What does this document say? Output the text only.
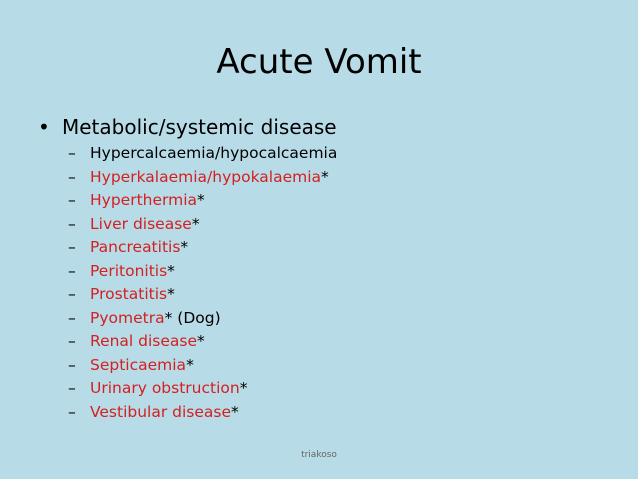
Acute Vomit
• Metabolic/systemic disease
– Hypercalcaemia/hypocalcaemia
– Hyperkalaemia/hypokalaemia *
– Hyperthermia *
– Liver disease *
– Pancreatitis *
– Peritonitis *
– Prostatitis *
– Pyometra * (Dog)
– Renal disease *
– Septicaemia *
– Urinary obstruction *
– Vestibular disease *
triakoso
